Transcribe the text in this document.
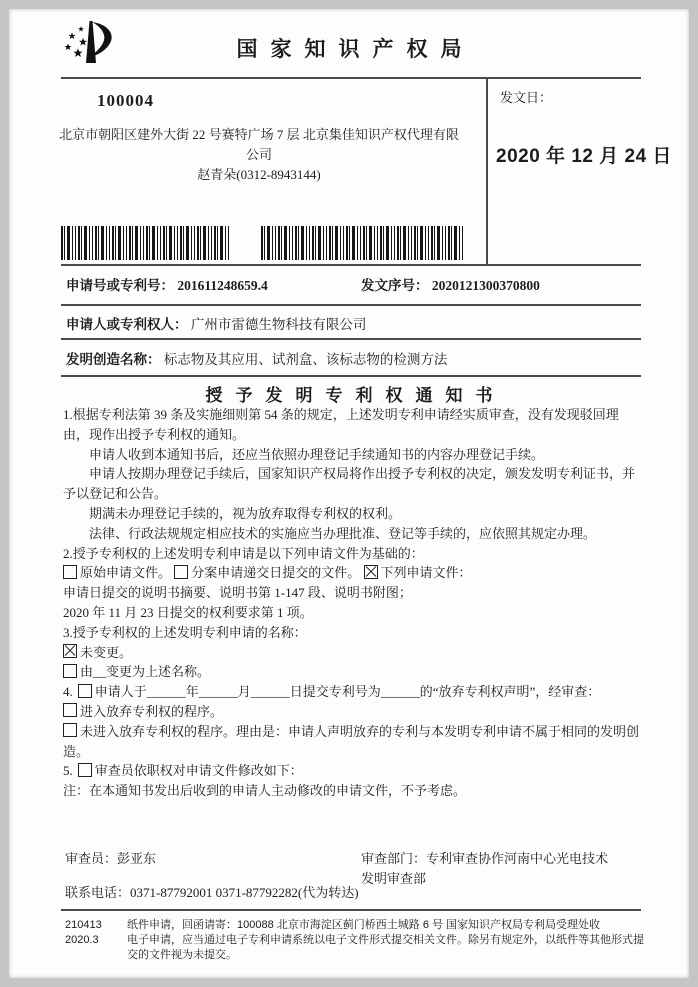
国家知识产权局
发文日：
2020 年 12 月 24 日
100004
北京市朝阳区建外大街 22 号赛特广场 7 层 北京集佳知识产权代理有限公司
赵青朵(0312-8943144)
申请号或专利号： 201611248659.4	发文序号： 2020121300370800
申请人或专利权人： 广州市雷德生物科技有限公司
发明创造名称： 标志物及其应用、试剂盒、该标志物的检测方法
授予发明专利权通知书

1.根据专利法第 39 条及实施细则第 54 条的规定，上述发明专利申请经实质审查，没有发现驳回理由，现作出授予专利权的通知。

申请人收到本通知书后，还应当依照办理登记手续通知书的内容办理登记手续。

申请人按期办理登记手续后，国家知识产权局将作出授予专利权的决定，颁发发明专利证书，并予以登记和公告。

期满未办理登记手续的，视为放弃取得专利权的权利。

法律、行政法规规定相应技术的实施应当办理批准、登记等手续的，应依照其规定办理。

2.授予专利权的上述发明专利申请是以下列申请文件为基础的：

原始申请文件。 分案申请递交日提交的文件。 下列申请文件：

申请日提交的说明书摘要、说明书第 1-147 段、说明书附图；

2020 年 11 月 23 日提交的权利要求第 1 项。

3.授予专利权的上述发明专利申请的名称：

未变更。

由__变更为上述名称。

4. 申请人于______年______月______日提交专利号为______的“放弃专利权声明”，经审查：

进入放弃专利权的程序。

未进入放弃专利权的程序。理由是：申请人声明放弃的专利与本发明专利申请不属于相同的发明创造。

5. 审查员依职权对申请文件修改如下：

注：在本通知书发出后收到的申请人主动修改的申请文件，不予考虑。

审查员：彭亚东	审查部门：专利审查协作河南中心光电技术
发明审查部
联系电话：0371-87792001 0371-87792282(代为转达)
210413
2020.3
纸件申请，回函请寄：100088 北京市海淀区蓟门桥西土城路 6 号 国家知识产权局专利局受理处收
电子申请，应当通过电子专利申请系统以电子文件形式提交相关文件。除另有规定外，以纸件等其他形式提交的文件视为未提交。
